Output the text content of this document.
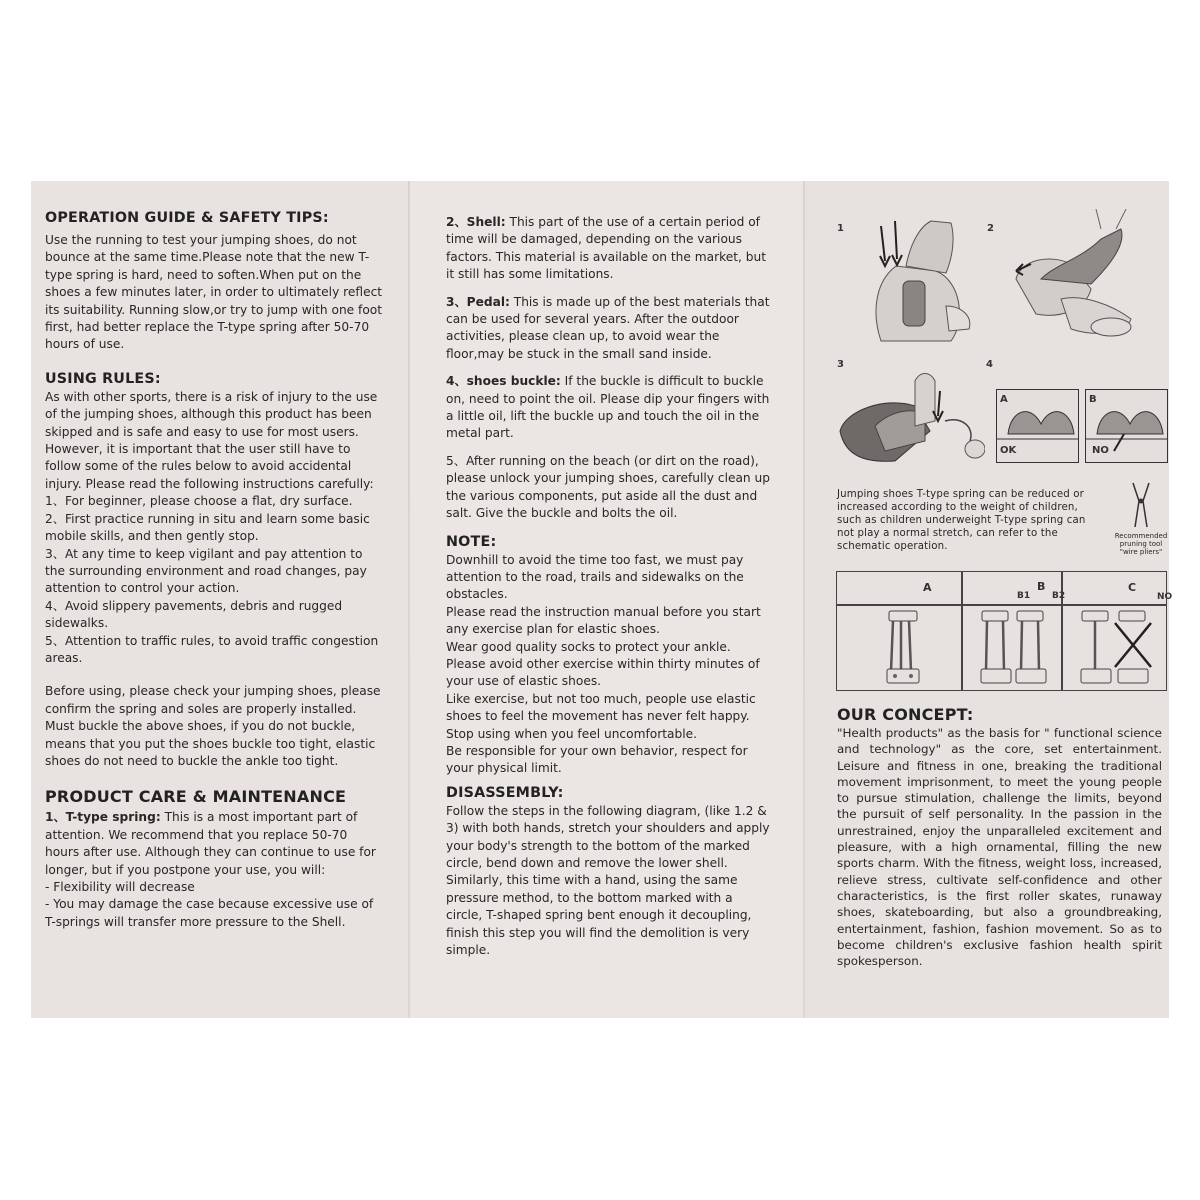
OPERATION GUIDE & SAFETY TIPS:

Use the running to test your jumping shoes, do not bounce at the same time.Please note that the new T-type spring is hard, need to soften.When put on the shoes a few minutes later, in order to ultimately reflect its suitability. Running slow,or try to jump with one foot first, had better replace the T-type spring after 50-70 hours of use.

USING RULES:

As with other sports, there is a risk of injury to the use of the jumping shoes, although this product has been skipped and is safe and easy to use for most users. However, it is important that the user still have to follow some of the rules below to avoid accidental injury. Please read the following instructions carefully:

1、For beginner, please choose a flat, dry surface.

2、First practice running in situ and learn some basic mobile skills, and then gently stop.

3、At any time to keep vigilant and pay attention to the surrounding environment and road changes, pay attention to control your action.

4、Avoid slippery pavements, debris and rugged sidewalks.

5、Attention to traffic rules, to avoid traffic congestion areas.

Before using, please check your jumping shoes, please confirm the spring and soles are properly installed. Must buckle the above shoes, if you do not buckle, means that you put the shoes buckle too tight, elastic shoes do not need to buckle the ankle too tight.

PRODUCT CARE & MAINTENANCE

1、T-type spring: This is a most important part of attention. We recommend that you replace 50-70 hours after use. Although they can continue to use for longer, but if you postpone your use, you will:

- Flexibility will decrease

- You may damage the case because excessive use of T-springs will transfer more pressure to the Shell.

2、Shell: This part of the use of a certain period of time will be damaged, depending on the various factors. This material is available on the market, but it still has some limitations.

3、Pedal: This is made up of the best materials that can be used for several years. After the outdoor activities, please clean up, to avoid wear the floor,may be stuck in the small sand inside.

4、shoes buckle: If the buckle is difficult to buckle on, need to point the oil. Please dip your fingers with a little oil, lift the buckle up and touch the oil in the metal part.

5、After running on the beach (or dirt on the road), please unlock your jumping shoes, carefully clean up the various components, put aside all the dust and salt. Give the buckle and bolts the oil.

NOTE:

Downhill to avoid the time too fast, we must pay attention to the road, trails and sidewalks on the obstacles.

Please read the instruction manual before you start any exercise plan for elastic shoes.

Wear good quality socks to protect your ankle.

Please avoid other exercise within thirty minutes of your use of elastic shoes.

Like exercise, but not too much, people use elastic shoes to feel the movement has never felt happy.

Stop using when you feel uncomfortable.

Be responsible for your own behavior, respect for your physical limit.

DISASSEMBLY:

Follow the steps in the following diagram, (like 1.2 & 3) with both hands, stretch your shoulders and apply your body's strength to the bottom of the marked circle, bend down and remove the lower shell.

Similarly, this time with a hand, using the same pressure method, to the bottom marked with a circle, T-shaped spring bent enough it decoupling, finish this step you will find the demolition is very simple.

1	2
3	4
A
OK
B
NO
Jumping shoes T-type spring can be reduced or increased according to the weight of children, such as children underweight T-type spring can not play a normal stretch, can refer to the schematic operation.
Recommended
pruning tool
"wire pliers"
A	B
B1 B2
C
NO

OUR CONCEPT:

"Health products" as the basis for " functional science and technology" as the core, set entertainment. Leisure and fitness in one, breaking the traditional movement imprisonment, to meet the young people to pursue stimulation, challenge the limits, beyond the pursuit of self personality. In the passion in the unrestrained, enjoy the unparalleled excitement and pleasure, with a high ornamental, filling the new sports charm. With the fitness, weight loss, increased, relieve stress, cultivate self-confidence and other characteristics, is the first roller skates, runaway shoes, skateboarding, but also a groundbreaking, entertainment, fashion, fashion movement. So as to become children's exclusive fashion health spirit spokesperson.
